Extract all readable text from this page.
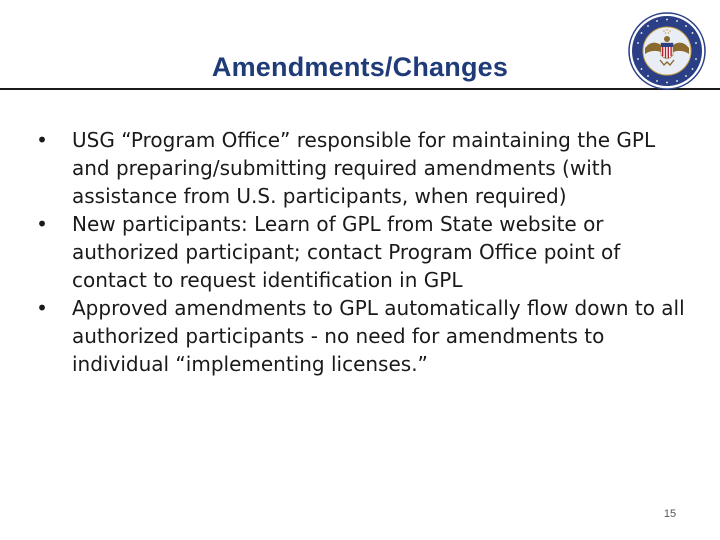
Amendments/Changes
• USG “Program Office” responsible for maintaining the GPL and preparing/submitting required amendments (with assistance from U.S. participants, when required)
• New participants: Learn of GPL from State website or authorized participant; contact Program Office point of contact to request identification in GPL
• Approved amendments to GPL automatically flow down to all authorized participants - no need for amendments to individual “implementing licenses.”
15
